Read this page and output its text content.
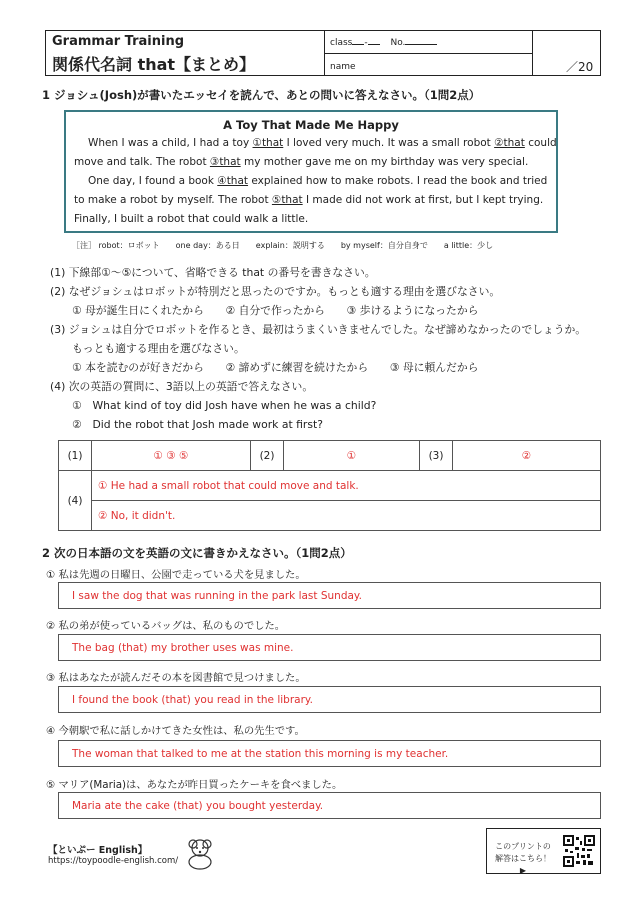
Grammar Training
関係代名詞 that【まとめ】
class -	No.
name	／20
1 ジョシュ(Josh)が書いたエッセイを読んで、あとの問いに答えなさい。（1問2点）
A Toy That Made Me Happy
When I was a child, I had a toy ①that I loved very much. It was a small robot ②that could
move and talk. The robot ③that my mother gave me on my birthday was very special.
One day, I found a book ④that explained how to make robots. I read the book and tried
to make a robot by myself. The robot ⑤that I made did not work at first, but I kept trying.
Finally, I built a robot that could walk a little.
［注］ robot：ロボット　　one day：ある日　　explain：説明する　　by myself：自分自身で　　a little：少し
(1) 下線部①～⑤について、省略できる that の番号を書きなさい。
(2) なぜジョシュはロボットが特別だと思ったのですか。もっとも適する理由を選びなさい。
① 母が誕生日にくれたから　　② 自分で作ったから　　③ 歩けるようになったから
(3) ジョシュは自分でロボットを作るとき、最初はうまくいきませんでした。なぜ諦めなかったのでしょうか。
もっとも適する理由を選びなさい。
① 本を読むのが好きだから　　② 諦めずに練習を続けたから　　③ 母に頼んだから
(4) 次の英語の質問に、3語以上の英語で答えなさい。
①　What kind of toy did Josh have when he was a child?
②　Did the robot that Josh made work at first?
(1)	① ③ ⑤	(2)	①	(3)	②
(4)	① He had a small robot that could move and talk.				
	② No, it didn't.				
2 次の日本語の文を英語の文に書きかえなさい。（1問2点）
① 私は先週の日曜日、公園で走っている犬を見ました。
I saw the dog that was running in the park last Sunday.
② 私の弟が使っているバッグは、私のものでした。
The bag (that) my brother uses was mine.
③ 私はあなたが読んだその本を図書館で見つけました。
I found the book (that) you read in the library.
④ 今朝駅で私に話しかけてきた女性は、私の先生です。
The woman that talked to me at the station this morning is my teacher.
⑤ マリア(Maria)は、あなたが昨日買ったケーキを食べました。
Maria ate the cake (that) you bought yesterday.
【といぷー English】
https://toypoodle-english.com/
このプリントの
解答はこちら！▶
